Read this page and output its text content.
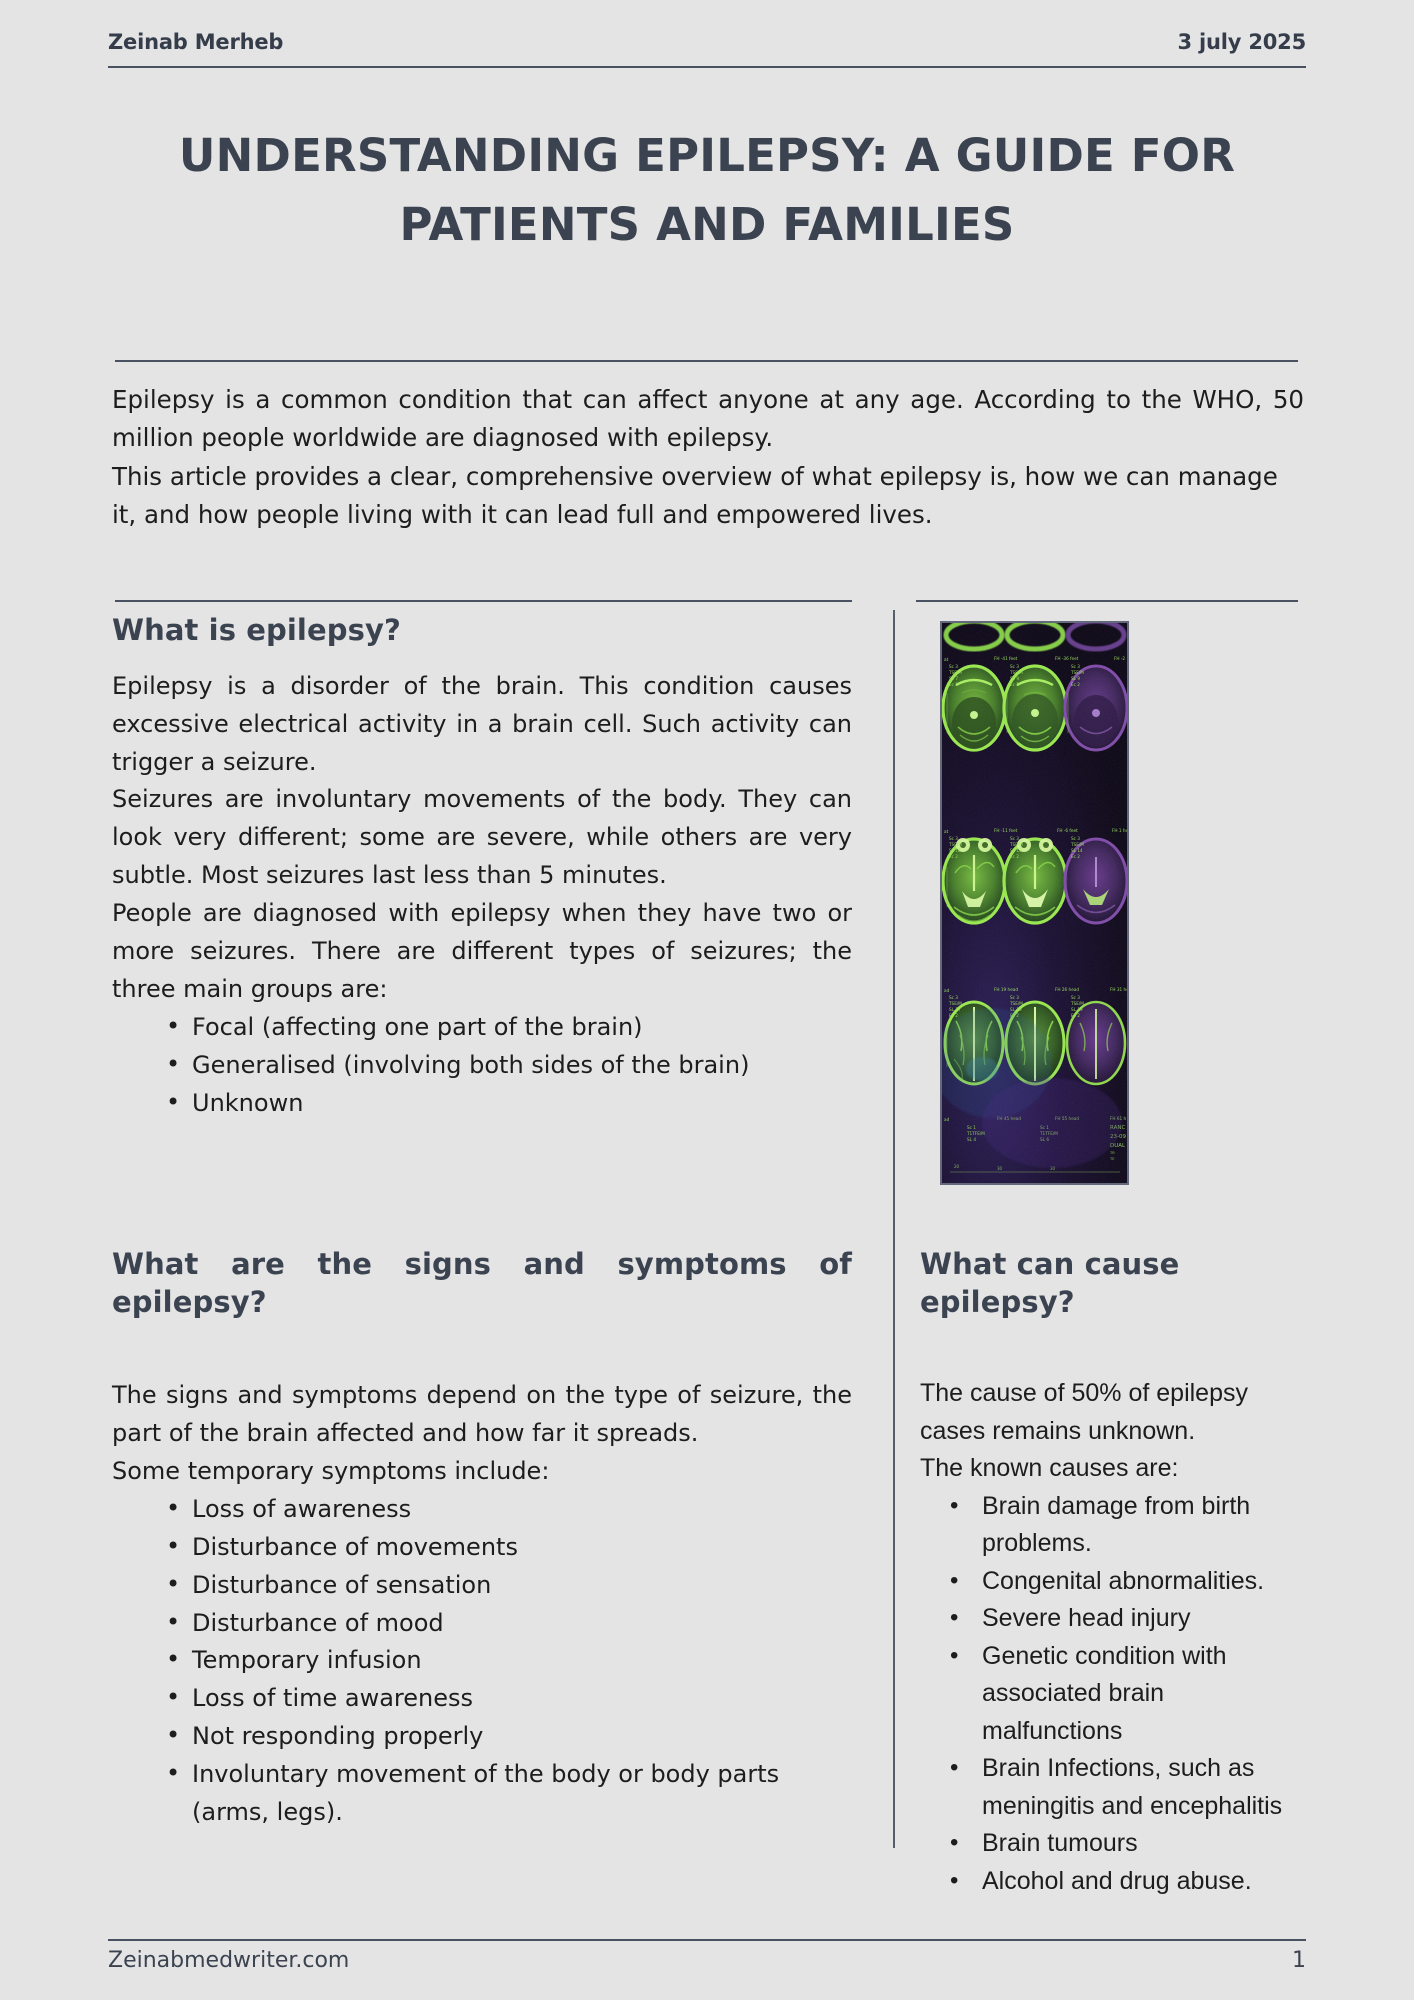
Zeinab Merheb	3 july 2025
UNDERSTANDING EPILEPSY: A GUIDE FOR PATIENTS AND FAMILIES

Epilepsy is a common condition that can affect anyone at any age. According to the WHO, 50 million people worldwide are diagnosed with epilepsy.

This article provides a clear, comprehensive overview of what epilepsy is, how we can manage it, and how people living with it can lead full and empowered lives.

What is epilepsy?

Epilepsy is a disorder of the brain. This condition causes excessive electrical activity in a brain cell. Such activity can trigger a seizure.

Seizures are involuntary movements of the body. They can look very different; some are severe, while others are very subtle. Most seizures last less than 5 minutes.

People are diagnosed with epilepsy when they have two or more seizures. There are different types of seizures; the three main groups are:

• Focal (affecting one part of the brain)
• Generalised (involving both sides of the brain)
• Unknown
What are the signs and symptoms of epilepsy?

The signs and symptoms depend on the type of seizure, the part of the brain affected and how far it spreads.

Some temporary symptoms include:

• Loss of awareness
• Disturbance of movements
• Disturbance of sensation
• Disturbance of mood
• Temporary infusion
• Loss of time awareness
• Not responding properly
• Involuntary movement of the body or body parts (arms, legs).
What can cause epilepsy?

The cause of 50% of epilepsy cases remains unknown.

The known causes are:

• Brain damage from birth problems.
• Congenital abnormalities.
• Severe head injury
• Genetic condition with associated brain malfunctions
• Brain Infections, such as meningitis and encephalitis
• Brain tumours
• Alcohol and drug abuse.
Zeinabmedwriter.com	1
